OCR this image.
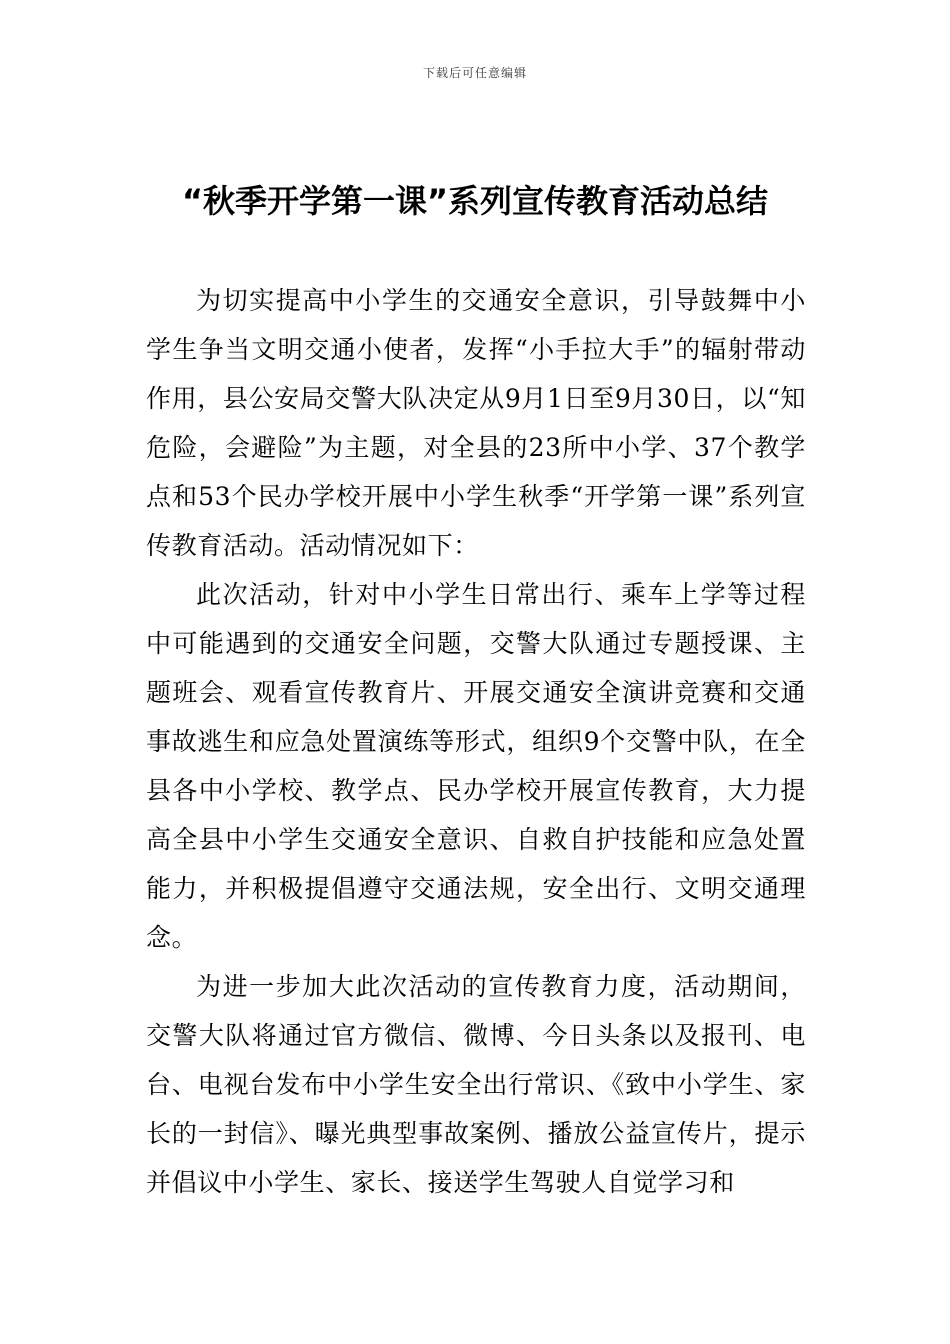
下载后可任意编辑
“秋季开学第一课”系列宣传教育活动总结

为切实提高中小学生的交通安全意识，引导鼓舞中小学生争当文明交通小使者，发挥“小手拉大手”的辐射带动作用，县公安局交警大队决定从9月1日至9月30日，以“知危险，会避险”为主题，对全县的23所中小学、37个教学点和53个民办学校开展中小学生秋季“开学第一课”系列宣传教育活动。活动情况如下：

此次活动，针对中小学生日常出行、乘车上学等过程中可能遇到的交通安全问题，交警大队通过专题授课、主题班会、观看宣传教育片、开展交通安全演讲竞赛和交通事故逃生和应急处置演练等形式，组织9个交警中队，在全县各中小学校、教学点、民办学校开展宣传教育，大力提高全县中小学生交通安全意识、自救自护技能和应急处置能力，并积极提倡遵守交通法规，安全出行、文明交通理念。

为进一步加大此次活动的宣传教育力度，活动期间，交警大队将通过官方微信、微博、今日头条以及报刊、电台、电视台发布中小学生安全出行常识、《致中小学生、家长的一封信》、曝光典型事故案例、播放公益宣传片，提示并倡议中小学生、家长、接送学生驾驶人自觉学习和
